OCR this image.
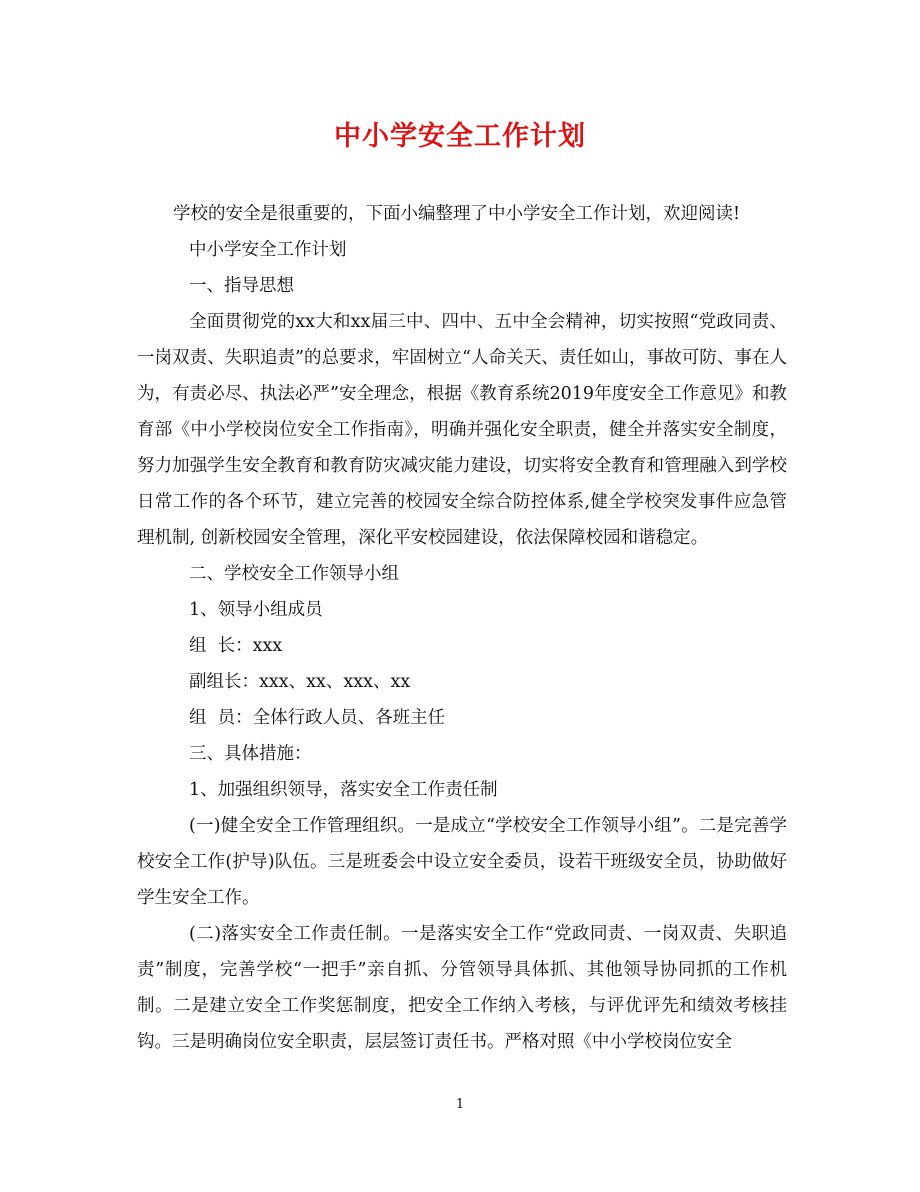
中小学安全工作计划

学校的安全是很重要的，下面小编整理了中小学安全工作计划，欢迎阅读!

中小学安全工作计划

一、指导思想

全面贯彻党的xx大和xx届三中、四中、五中全会精神，切实按照“党政同责、一岗双责、失职追责”的总要求，牢固树立“人命关天、责任如山，事故可防、事在人为，有责必尽、执法必严”安全理念，根据《教育系统2019年度安全工作意见》和教育部《中小学校岗位安全工作指南》，明确并强化安全职责，健全并落实安全制度，努力加强学生安全教育和教育防灾减灾能力建设，切实将安全教育和管理融入到学校日常工作的各个环节，建立完善的校园安全综合防控体系,健全学校突发事件应急管理机制, 创新校园安全管理，深化平安校园建设，依法保障校园和谐稳定。

二、学校安全工作领导小组

1、领导小组成员

组  长：xxx

副组长：xxx、xx、xxx、xx

组  员：全体行政人员、各班主任

三、具体措施：

1、加强组织领导，落实安全工作责任制

(一)健全安全工作管理组织。一是成立“学校安全工作领导小组”。二是完善学校安全工作(护导)队伍。三是班委会中设立安全委员，设若干班级安全员，协助做好学生安全工作。

(二)落实安全工作责任制。一是落实安全工作“党政同责、一岗双责、失职追责”制度，完善学校“一把手”亲自抓、分管领导具体抓、其他领导协同抓的工作机制。二是建立安全工作奖惩制度，把安全工作纳入考核，与评优评先和绩效考核挂钩。三是明确岗位安全职责，层层签订责任书。严格对照《中小学校岗位安全

1
